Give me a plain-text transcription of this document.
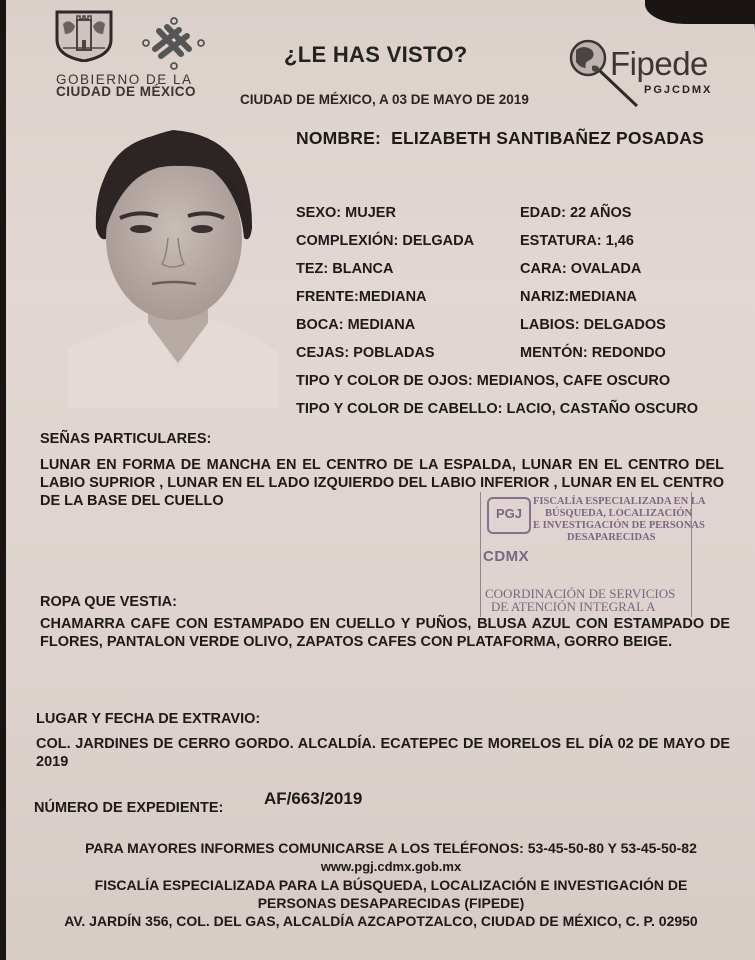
GOBIERNO DE LA
CIUDAD DE MÉXICO
¿LE HAS VISTO?
CIUDAD DE MÉXICO, A 03 DE MAYO DE 2019
Fipede
PGJCDMX
NOMBRE: ELIZABETH SANTIBAÑEZ POSADAS
SEXO: MUJER
COMPLEXIÓN: DELGADA
TEZ: BLANCA
FRENTE:MEDIANA
BOCA: MEDIANA
CEJAS: POBLADAS
EDAD: 22 AÑOS
ESTATURA: 1,46
CARA: OVALADA
NARIZ:MEDIANA
LABIOS: DELGADOS
MENTÓN: REDONDO
TIPO Y COLOR DE OJOS: MEDIANOS, CAFE OSCURO
TIPO Y COLOR DE CABELLO: LACIO, CASTAÑO OSCURO
SEÑAS PARTICULARES:
LUNAR EN FORMA DE MANCHA EN EL CENTRO DE LA ESPALDA, LUNAR EN EL CENTRO DEL LABIO SUPRIOR , LUNAR EN EL LADO IZQUIERDO DEL LABIO INFERIOR , LUNAR EN EL CENTRO DE LA BASE DEL CUELLO
PGJ
FISCALÍA ESPECIALIZADA EN LA
BÚSQUEDA, LOCALIZACIÓN
E INVESTIGACIÓN DE PERSONAS
DESAPARECIDAS
CDMX
COORDINACIÓN DE SERVICIOS
DE ATENCIÓN INTEGRAL A
ROPA QUE VESTIA:
CHAMARRA CAFE CON ESTAMPADO EN CUELLO Y PUÑOS, BLUSA AZUL CON ESTAMPADO DE FLORES, PANTALON VERDE OLIVO, ZAPATOS CAFES CON PLATAFORMA, GORRO BEIGE.
LUGAR Y FECHA DE EXTRAVIO:
COL. JARDINES DE CERRO GORDO. ALCALDÍA. ECATEPEC DE MORELOS EL DÍA 02 DE MAYO DE 2019
NÚMERO DE EXPEDIENTE: AF/663/2019
PARA MAYORES INFORMES COMUNICARSE A LOS TELÉFONOS: 53-45-50-80 Y 53-45-50-82
www.pgj.cdmx.gob.mx
FISCALÍA ESPECIALIZADA PARA LA BÚSQUEDA, LOCALIZACIÓN E INVESTIGACIÓN DE
PERSONAS DESAPARECIDAS (FIPEDE)
AV. JARDÍN 356, COL. DEL GAS, ALCALDÍA AZCAPOTZALCO, CIUDAD DE MÉXICO, C. P. 02950
